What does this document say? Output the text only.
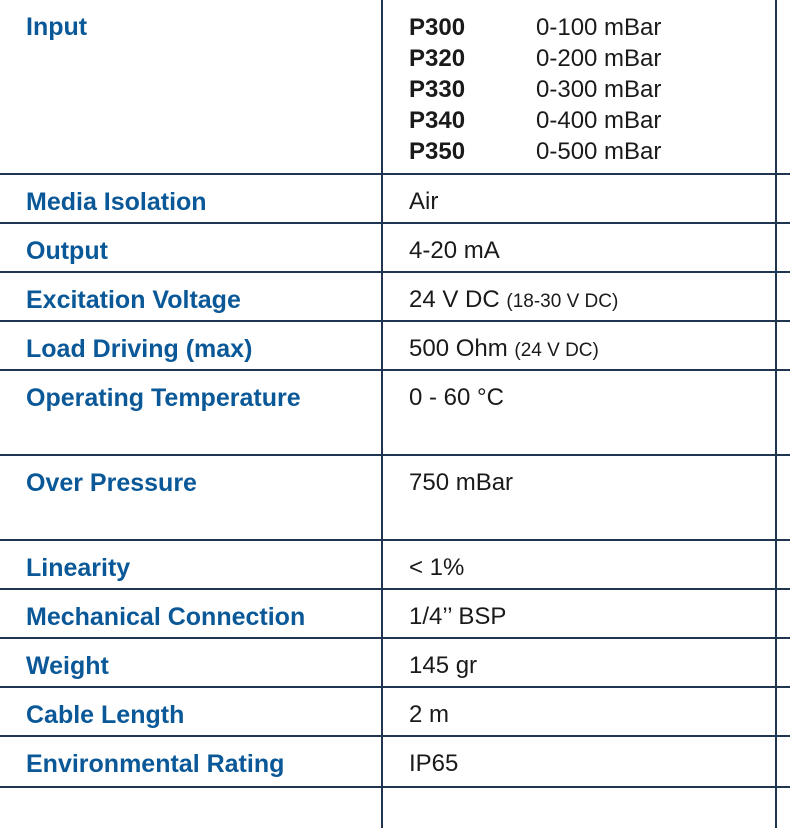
Input	P300	0-100 mBar
P320	0-200 mBar
P330	0-300 mBar
P340	0-400 mBar
P350	0-500 mBar
Media Isolation	Air
Output	4-20 mA
Excitation Voltage	24 V DC (18-30 V DC)
Load Driving (max)	500 Ohm (24 V DC)
Operating Temperature	0 - 60 °C
Over Pressure	750 mBar
Linearity	< 1%
Mechanical Connection	1/4’’ BSP
Weight	145 gr
Cable Length	2 m
Environmental Rating	IP65
